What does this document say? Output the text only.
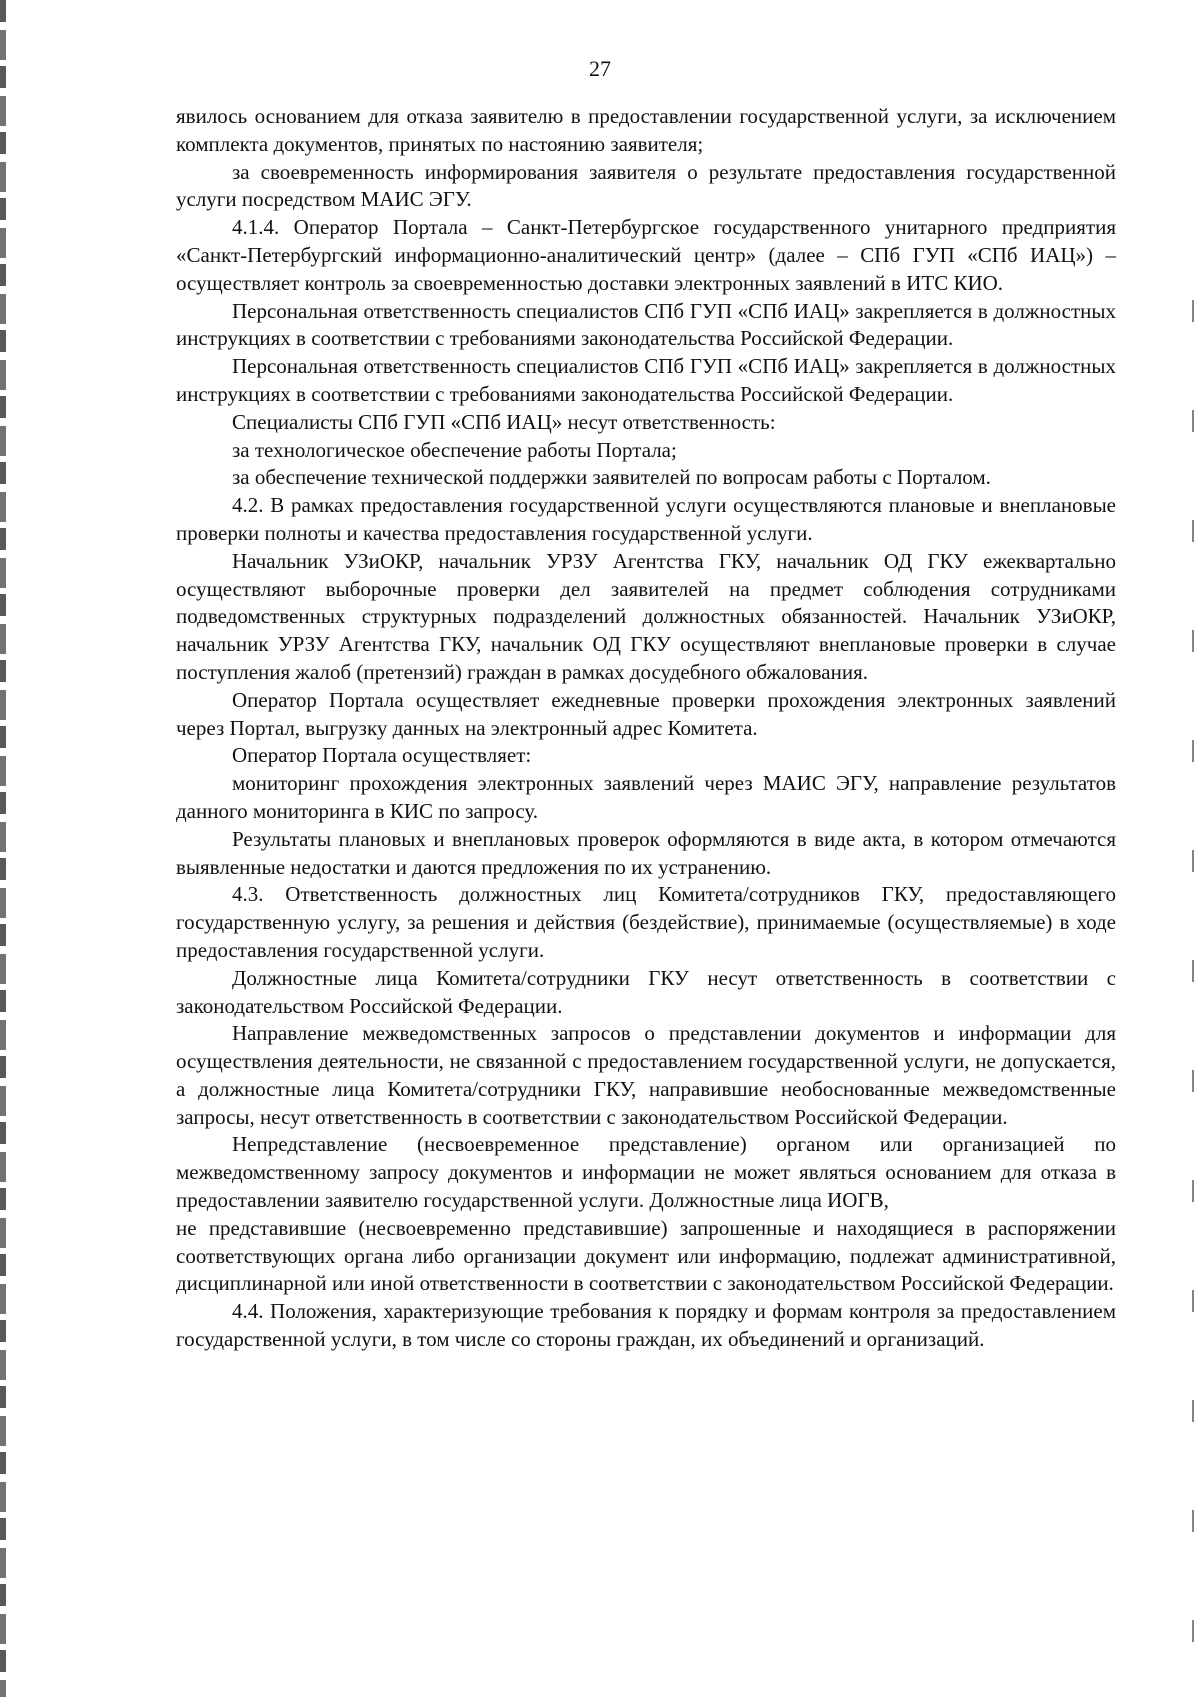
27

явилось основанием для отказа заявителю в предоставлении государственной услуги, за исключением комплекта документов, принятых по настоянию заявителя;

за своевременность информирования заявителя о результате предоставления государственной услуги посредством МАИС ЭГУ.

4.1.4. Оператор Портала – Санкт-Петербургское государственного унитарного предприятия «Санкт-Петербургский информационно-аналитический центр» (далее – СПб ГУП «СПб ИАЦ») – осуществляет контроль за своевременностью доставки электронных заявлений в ИТС КИО.

Персональная ответственность специалистов СПб ГУП «СПб ИАЦ» закрепляется в должностных инструкциях в соответствии с требованиями законодательства Российской Федерации.

Персональная ответственность специалистов СПб ГУП «СПб ИАЦ» закрепляется в должностных инструкциях в соответствии с требованиями законодательства Российской Федерации.

Специалисты СПб ГУП «СПб ИАЦ» несут ответственность:

за технологическое обеспечение работы Портала;

за обеспечение технической поддержки заявителей по вопросам работы с Порталом.

4.2. В рамках предоставления государственной услуги осуществляются плановые и внеплановые проверки полноты и качества предоставления государственной услуги.

Начальник УЗиОКР, начальник УРЗУ Агентства ГКУ, начальник ОД ГКУ ежеквартально осуществляют выборочные проверки дел заявителей на предмет соблюдения сотрудниками подведомственных структурных подразделений должностных обязанностей. Начальник УЗиОКР, начальник УРЗУ Агентства ГКУ, начальник ОД ГКУ осуществляют внеплановые проверки в случае поступления жалоб (претензий) граждан в рамках досудебного обжалования.

Оператор Портала осуществляет ежедневные проверки прохождения электронных заявлений через Портал, выгрузку данных на электронный адрес Комитета.

Оператор Портала осуществляет:

мониторинг прохождения электронных заявлений через МАИС ЭГУ, направление результатов данного мониторинга в КИС по запросу.

Результаты плановых и внеплановых проверок оформляются в виде акта, в котором отмечаются выявленные недостатки и даются предложения по их устранению.

4.3. Ответственность должностных лиц Комитета/сотрудников ГКУ, предоставляющего государственную услугу, за решения и действия (бездействие), принимаемые (осуществляемые) в ходе предоставления государственной услуги.

Должностные лица Комитета/сотрудники ГКУ несут ответственность в соответствии с законодательством Российской Федерации.

Направление межведомственных запросов о представлении документов и информации для осуществления деятельности, не связанной с предоставлением государственной услуги, не допускается, а должностные лица Комитета/сотрудники ГКУ, направившие необоснованные межведомственные запросы, несут ответственность в соответствии с законодательством Российской Федерации.

Непредставление (несвоевременное представление) органом или организацией по межведомственному запросу документов и информации не может являться основанием для отказа в предоставлении заявителю государственной услуги. Должностные лица ИОГВ,

не представившие (несвоевременно представившие) запрошенные и находящиеся в распоряжении соответствующих органа либо организации документ или информацию, подлежат административной, дисциплинарной или иной ответственности в соответствии с законодательством Российской Федерации.

4.4. Положения, характеризующие требования к порядку и формам контроля за предоставлением государственной услуги, в том числе со стороны граждан, их объединений и организаций.
